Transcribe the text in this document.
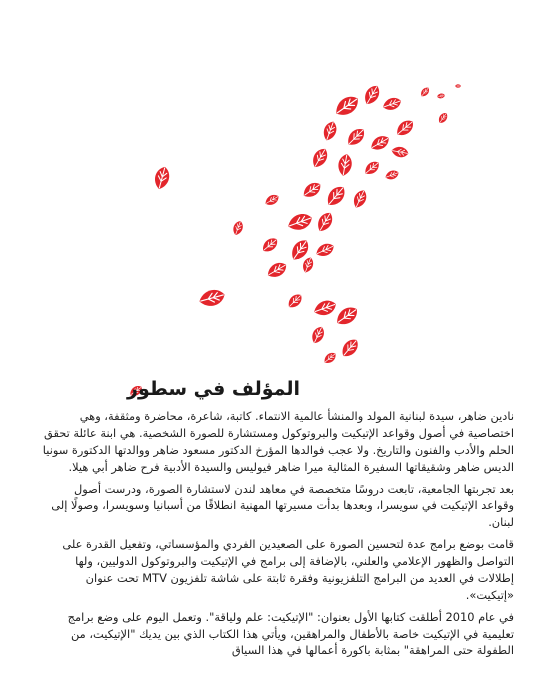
المؤلف في سطور

نادين ضاهر، سيدة لبنانية المولد والمنشأ عالمية الانتماء. كاتبة، شاعرة، محاضرة ومثقفة، وهي اختصاصية في أصول وقواعد الإتيكيت والبروتوكول ومستشارة للصورة الشخصية. هي ابنة عائلة تحقق الحلم والأدب والفنون والتاريخ. ولا عجب فوالدها المؤرخ الدكتور مسعود ضاهر ووالدتها الدكتورة سونيا الديس ضاهر وشقيقاتها السفيرة المثالية ميرا ضاهر فيوليس والسيدة الأدبية فرح ضاهر أبي هيلا.

بعد تجربتها الجامعية، تابعت دروسًا متخصصة في معاهد لندن لاستشارة الصورة، ودرست أصول وقواعد الإتيكيت في سويسرا، وبعدها بدأت مسيرتها المهنية انطلاقًا من أسبانيا وسويسرا، وصولًا إلى لبنان.

قامت بوضع برامج عدة لتحسين الصورة على الصعيدين الفردي والمؤسساتي، وتفعيل القدرة على التواصل والظهور الإعلامي والعلني، بالإضافة إلى برامج في الإتيكيت والبروتوكول الدوليين، ولها إطلالات في العديد من البرامج التلفزيونية وفقرة ثابتة على شاشة تلفزيون MTV تحت عنوان «إتيكيت».

في عام 2010 أطلقت كتابها الأول بعنوان: "الإتيكيت: علم ولياقة". وتعمل اليوم على وضع برامج تعليمية في الإتيكيت خاصة بالأطفال والمراهقين، ويأتي هذا الكتاب الذي بين يديك "الإتيكيت، من الطفولة حتى المراهقة" بمثابة باكورة أعمالها في هذا السياق
